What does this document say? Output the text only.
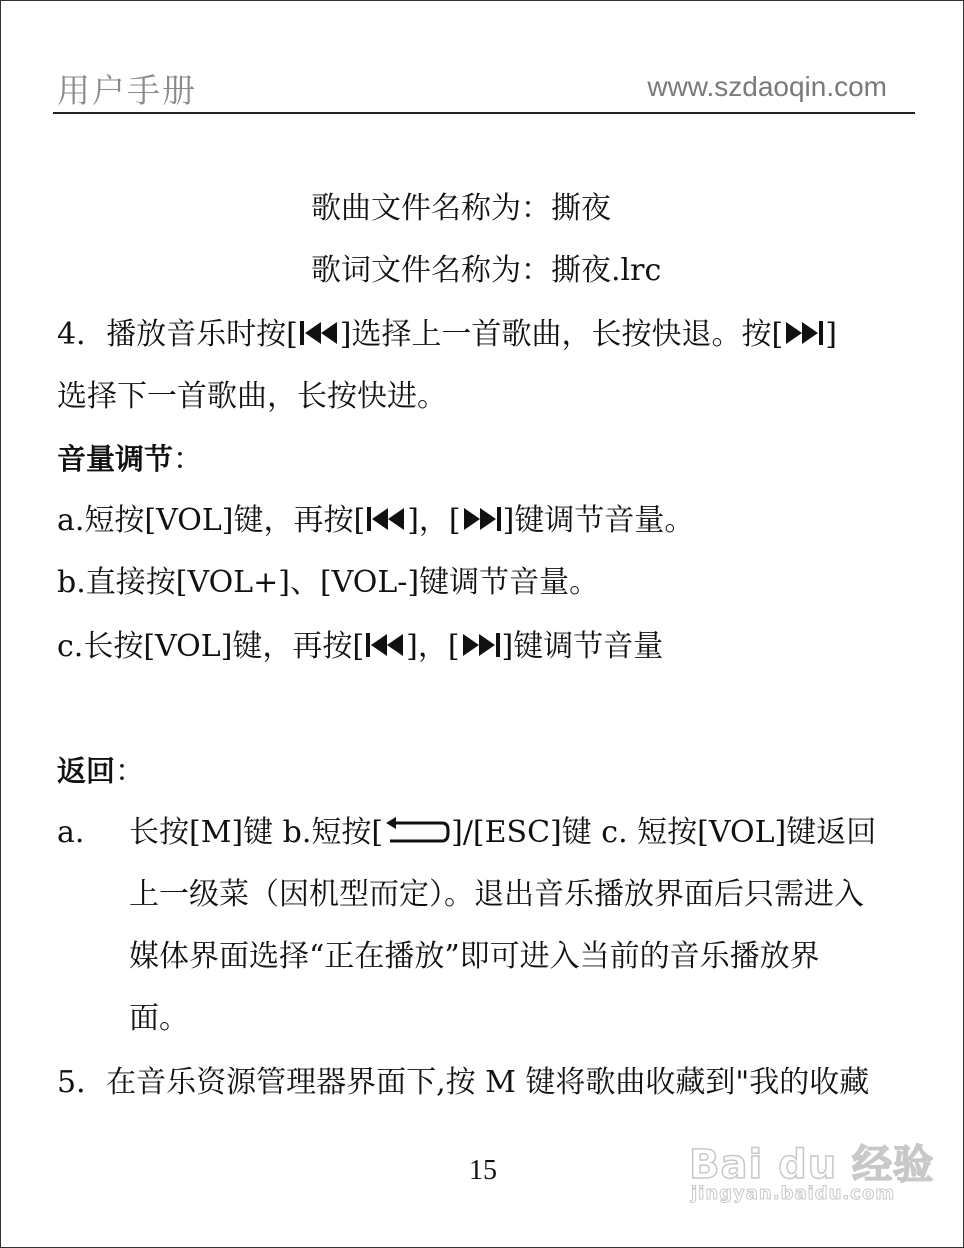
用户手册	www.szdaoqin.com
歌曲文件名称为：撕夜
歌词文件名称为：撕夜.lrc
4．播放音乐时按[ ]选择上一首歌曲，长按快退。按[ ]
选择下一首歌曲，长按快进。
音量调节：
a.短按[VOL]键，再按[ ]，[ ]键调节音量。
b.直接按[VOL+]、[VOL-]键调节音量。
c.长按[VOL]键，再按[ ]，[ ]键调节音量
返回：
a. 长按[M]键 b.短按[ ]/[ESC]键 c. 短按[VOL]键返回
上一级菜（因机型而定）。退出音乐播放界面后只需进入
媒体界面选择“正在播放”即可进入当前的音乐播放界
面。
5．在音乐资源管理器界面下,按 M 键将歌曲收藏到"我的收藏
15	Bai du 经验
jingyan.baidu.com
